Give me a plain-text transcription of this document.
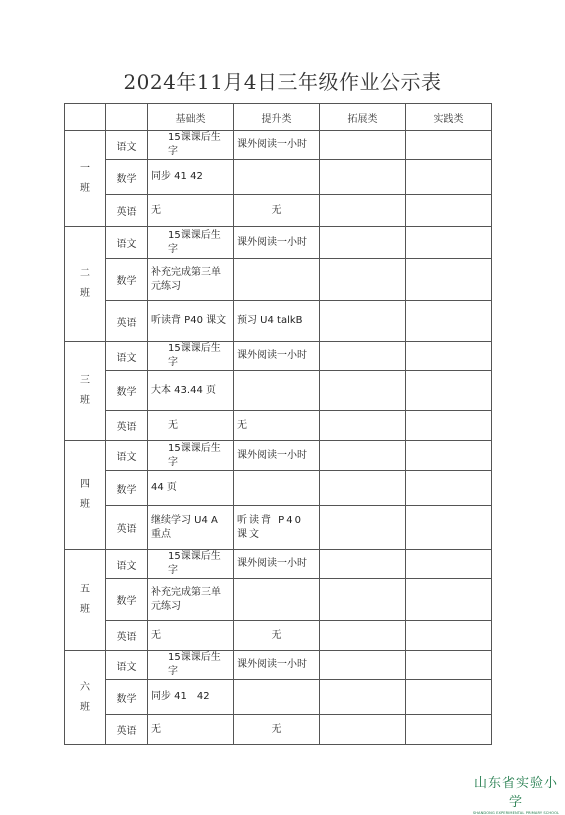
2024年11月4日三年级作业公示表
		基础类	提升类	拓展类	实践类
一
班	语文	15课课后生字	课外阅读一小时		
	数学	同步 41 42			
	英语	无	无		
二
班	语文	15课课后生字	课外阅读一小时		
	数学	补充完成第三单元练习			
	英语	听读背 P40 课文	预习 U4 talkB		
三
班	语文	15课课后生字	课外阅读一小时		
	数学	大本 43.44 页			
	英语	无	无		
四
班	语文	15课课后生字	课外阅读一小时		
	数学	44 页			
	英语	继续学习 U4 A 重点	听读背 P40 课文		
五
班	语文	15课课后生字	课外阅读一小时		
	数学	补充完成第三单元练习			
	英语	无	无		
六
班	语文	15课课后生字	课外阅读一小时		
	数学	同步 41　42			
	英语	无	无		
山东省实验小学
SHANDONG EXPERIMENTAL PRIMARY SCHOOL
